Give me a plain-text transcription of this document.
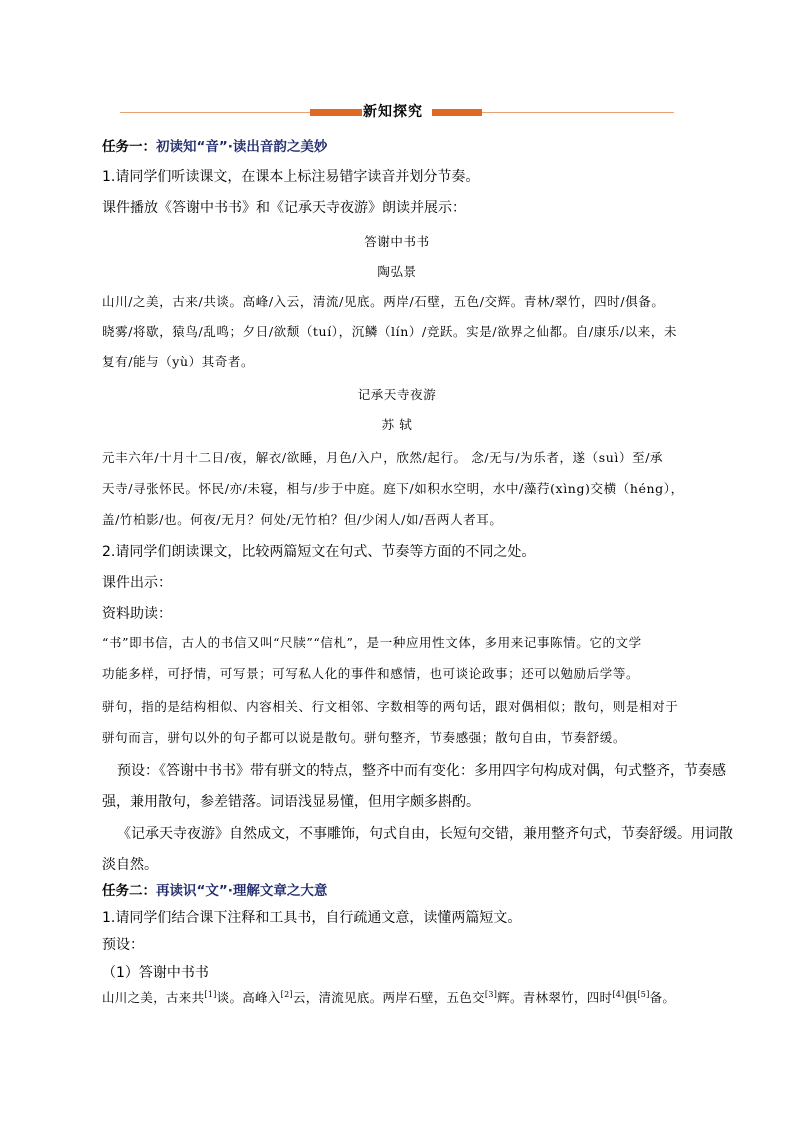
新知探究
任务一：初读知“音”·读出音韵之美妙
1.请同学们听读课文，在课本上标注易错字读音并划分节奏。
课件播放《答谢中书书》和《记承天寺夜游》朗读并展示：
答谢中书书
陶弘景
山川/之美，古来/共谈。高峰/入云，清流/见底。两岸/石壁，五色/交辉。青林/翠竹，四时/俱备。
晓雾/将歇，猿鸟/乱鸣；夕日/欲颓（tuí），沉鳞（lín）/竞跃。实是/欲界之仙都。自/康乐/以来，未
复有/能与（yù）其奇者。
记承天寺夜游
苏 轼
元丰六年/十月十二日/夜，解衣/欲睡，月色/入户，欣然/起行。 念/无与/为乐者，遂（suì）至/承
天寺/寻张怀民。怀民/亦/未寝，相与/步于中庭。庭下/如积水空明，水中/藻荇(xìng)交横（héng），
盖/竹柏影/也。何夜/无月？何处/无竹柏？但/少闲人/如/吾两人者耳。
2.请同学们朗读课文，比较两篇短文在句式、节奏等方面的不同之处。
课件出示：
资料助读：
“书”即书信，古人的书信又叫“尺牍”“信札”，是一种应用性文体，多用来记事陈情。它的文学
功能多样，可抒情，可写景；可写私人化的事件和感情，也可谈论政事；还可以勉励后学等。
骈句，指的是结构相似、内容相关、行文相邻、字数相等的两句话，跟对偶相似；散句，则是相对于
骈句而言，骈句以外的句子都可以说是散句。骈句整齐，节奏感强；散句自由，节奏舒缓。
预设：《答谢中书书》带有骈文的特点，整齐中而有变化：多用四字句构成对偶，句式整齐，节奏感
强，兼用散句，参差错落。词语浅显易懂，但用字颇多斟酌。
《记承天寺夜游》自然成文，不事雕饰，句式自由，长短句交错，兼用整齐句式，节奏舒缓。用词散
淡自然。
任务二：再读识“文”·理解文章之大意
1.请同学们结合课下注释和工具书，自行疏通文意，读懂两篇短文。
预设：
（1）答谢中书书
山川之美，古来共[1]谈。高峰入[2]云，清流见底。两岸石壁，五色交[3]辉。青林翠竹，四时[4]俱[5]备。
